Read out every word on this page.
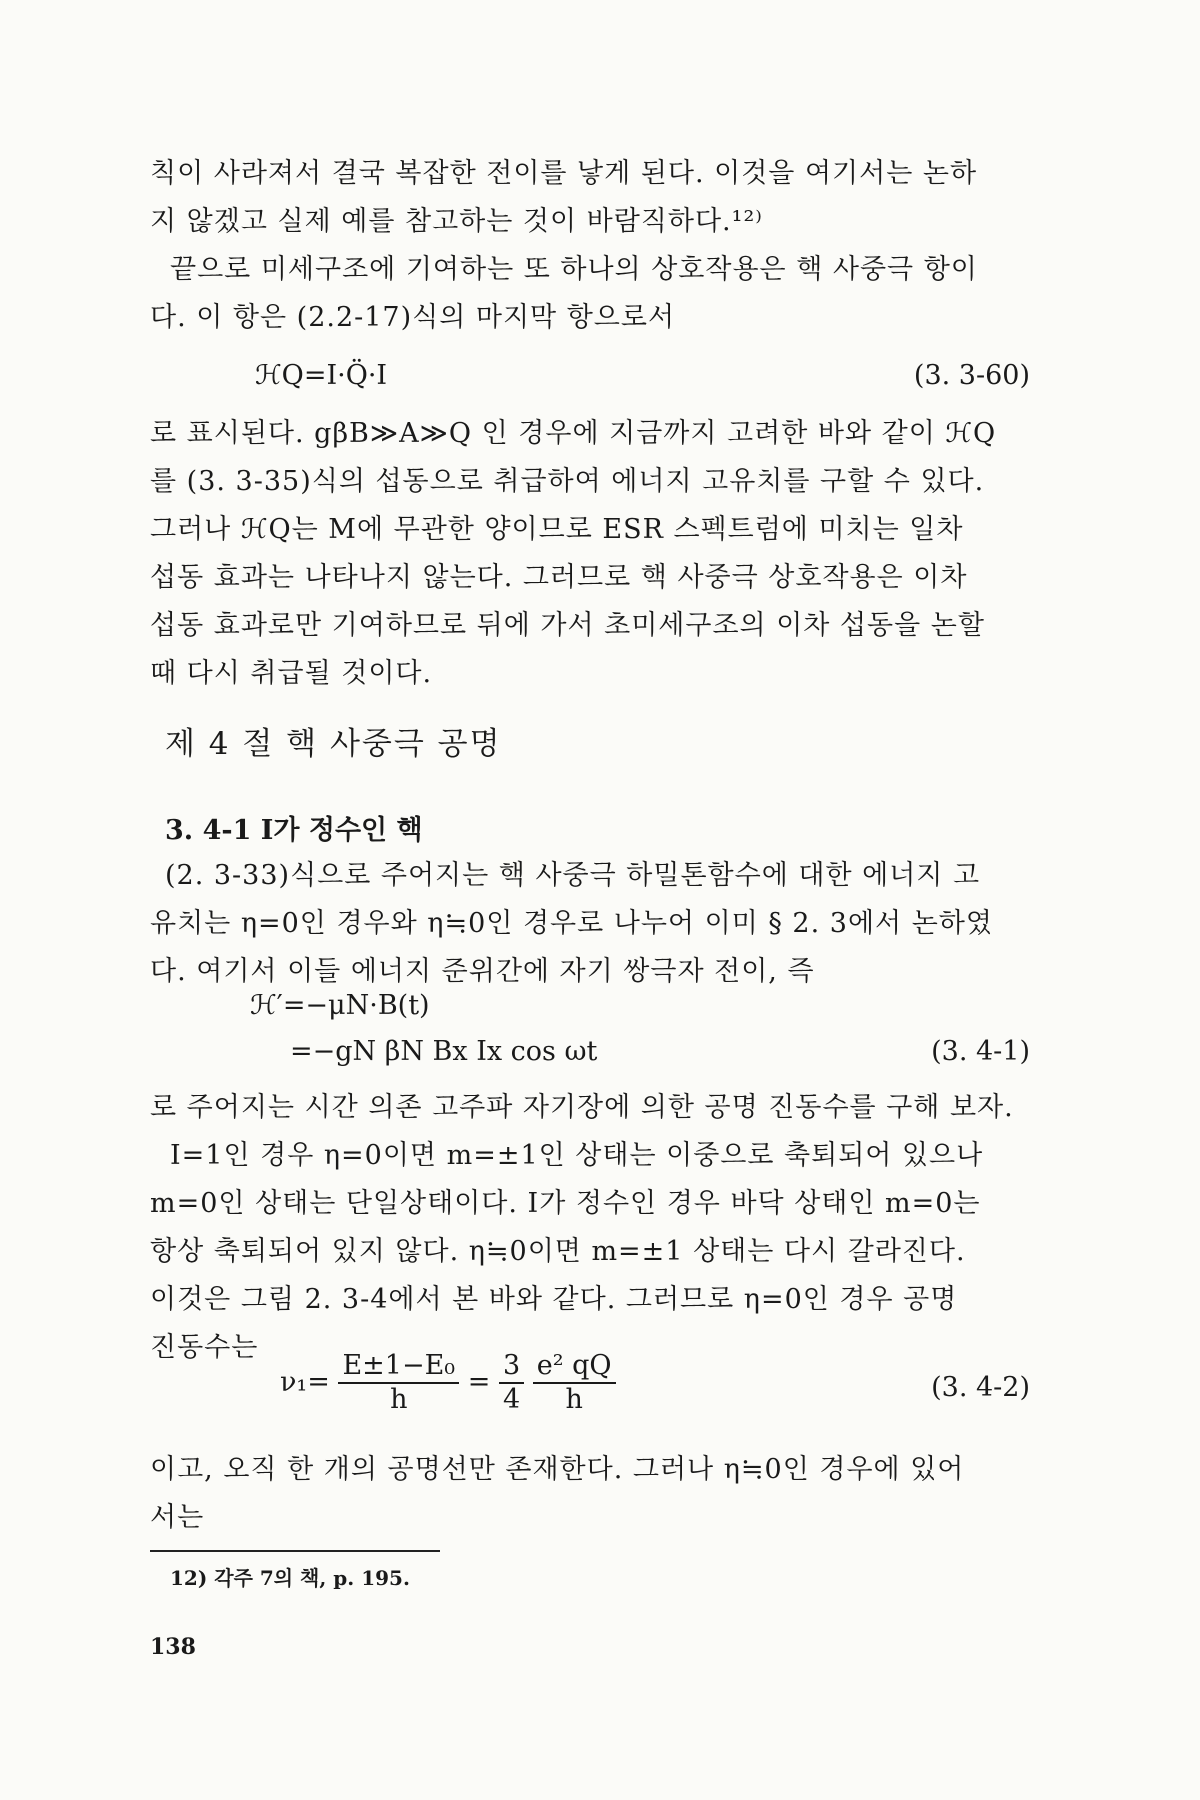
칙이 사라져서 결국 복잡한 전이를 낳게 된다. 이것을 여기서는 논하
지 않겠고 실제 예를 참고하는 것이 바람직하다.¹²⁾
끝으로 미세구조에 기여하는 또 하나의 상호작용은 핵 사중극 항이
다. 이 항은 (2.2-17)식의 마지막 항으로서
ℋQ=I·Q̈·I	(3. 3-60)
로 표시된다. gβB≫A≫Q 인 경우에 지금까지 고려한 바와 같이 ℋQ
를 (3. 3-35)식의 섭동으로 취급하여 에너지 고유치를 구할 수 있다.
그러나 ℋQ는 M에 무관한 양이므로 ESR 스펙트럼에 미치는 일차
섭동 효과는 나타나지 않는다. 그러므로 핵 사중극 상호작용은 이차
섭동 효과로만 기여하므로 뒤에 가서 초미세구조의 이차 섭동을 논할
때 다시 취급될 것이다.
제 4 절 핵 사중극 공명
3. 4-1 I가 정수인 핵
(2. 3-33)식으로 주어지는 핵 사중극 하밀톤함수에 대한 에너지 고
유치는 η=0인 경우와 η≒0인 경우로 나누어 이미 § 2. 3에서 논하였
다. 여기서 이들 에너지 준위간에 자기 쌍극자 전이, 즉
ℋ′=−μN·B(t)
=−gN βN Bx Ix cos ωt	(3. 4-1)
로 주어지는 시간 의존 고주파 자기장에 의한 공명 진동수를 구해 보자.
I=1인 경우 η=0이면 m=±1인 상태는 이중으로 축퇴되어 있으나
m=0인 상태는 단일상태이다. I가 정수인 경우 바닥 상태인 m=0는
항상 축퇴되어 있지 않다. η≒0이면 m=±1 상태는 다시 갈라진다.
이것은 그림 2. 3-4에서 본 바와 같다. 그러므로 η=0인 경우 공명
진동수는
$\nu_1= \frac{\text{E±1−E₀}}{h} = \frac{3}{4}$
$\frac{\text{e² qQ}}{h}$	(3. 4-2)
이고, 오직 한 개의 공명선만 존재한다. 그러나 η≒0인 경우에 있어
서는
12) 각주 7의 책, p. 195.
138
